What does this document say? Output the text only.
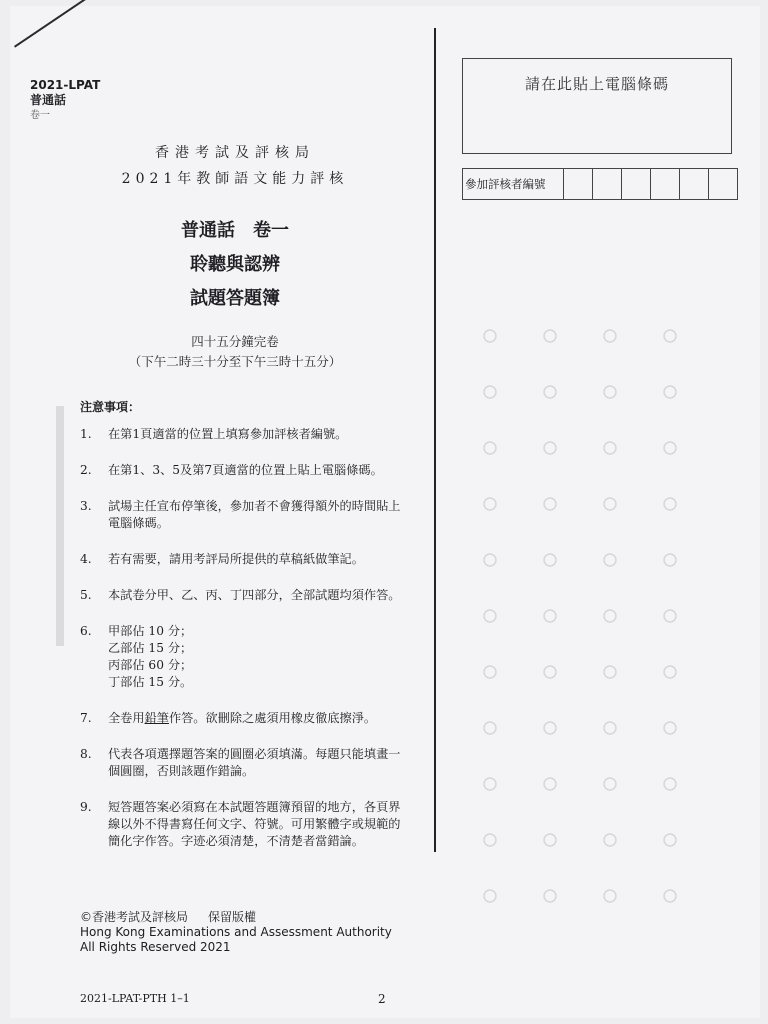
2021-LPAT
普通話
卷一
香港考試及評核局
2021年教師語文能力評核
普通話　卷一
聆聽與認辨
試題答題簿
四十五分鐘完卷
（下午二時三十分至下午三時十五分）
注意事項：
1.	在第1頁適當的位置上填寫參加評核者編號。
2.	在第1、3、5及第7頁適當的位置上貼上電腦條碼。
3.	試場主任宣布停筆後，參加者不會獲得額外的時間貼上電腦條碼。
4.	若有需要，請用考評局所提供的草稿紙做筆記。
5.	本試卷分甲、乙、丙、丁四部分，全部試題均須作答。
6.	甲部佔 10 分；
乙部佔 15 分；
丙部佔 60 分；
丁部佔 15 分。
7.	全卷用鉛筆作答。欲刪除之處須用橡皮徹底擦淨。
8.	代表各項選擇題答案的圓圈必須填滿。每題只能填畫一個圓圈，否則該題作錯論。
9.	短答題答案必須寫在本試題答題簿預留的地方，各頁界線以外不得書寫任何文字、符號。可用繁體字或規範的簡化字作答。字迹必須清楚，不清楚者當錯論。
©香港考試及評核局 保留版權
Hong Kong Examinations and Assessment Authority
All Rights Reserved 2021
2021-LPAT-PTH 1–1	2
請在此貼上電腦條碼
參加評核者編號
